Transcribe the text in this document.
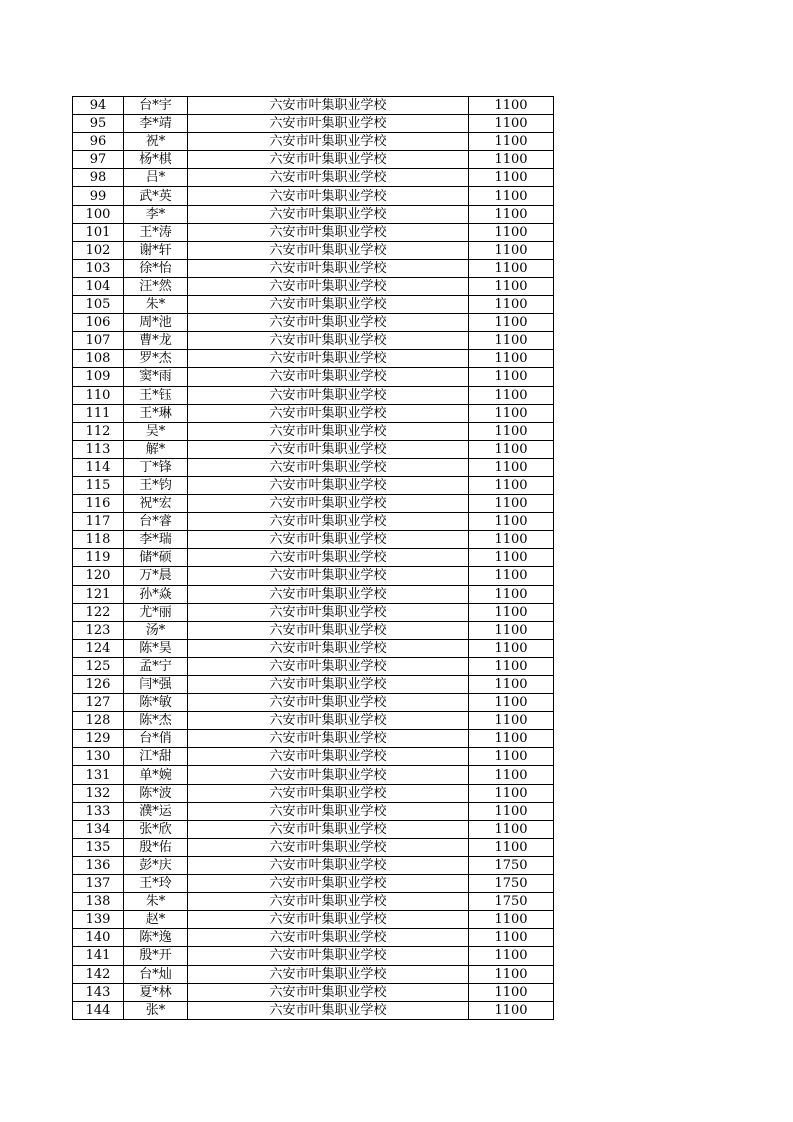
94	台*宇	六安市叶集职业学校	1100
95	李*靖	六安市叶集职业学校	1100
96	祝*	六安市叶集职业学校	1100
97	杨*棋	六安市叶集职业学校	1100
98	吕*	六安市叶集职业学校	1100
99	武*英	六安市叶集职业学校	1100
100	李*	六安市叶集职业学校	1100
101	王*涛	六安市叶集职业学校	1100
102	谢*轩	六安市叶集职业学校	1100
103	徐*怡	六安市叶集职业学校	1100
104	汪*然	六安市叶集职业学校	1100
105	朱*	六安市叶集职业学校	1100
106	周*池	六安市叶集职业学校	1100
107	曹*龙	六安市叶集职业学校	1100
108	罗*杰	六安市叶集职业学校	1100
109	窦*雨	六安市叶集职业学校	1100
110	王*钰	六安市叶集职业学校	1100
111	王*琳	六安市叶集职业学校	1100
112	吴*	六安市叶集职业学校	1100
113	解*	六安市叶集职业学校	1100
114	丁*锋	六安市叶集职业学校	1100
115	王*钧	六安市叶集职业学校	1100
116	祝*宏	六安市叶集职业学校	1100
117	台*睿	六安市叶集职业学校	1100
118	李*瑞	六安市叶集职业学校	1100
119	储*硕	六安市叶集职业学校	1100
120	万*晨	六安市叶集职业学校	1100
121	孙*焱	六安市叶集职业学校	1100
122	尤*丽	六安市叶集职业学校	1100
123	汤*	六安市叶集职业学校	1100
124	陈*昊	六安市叶集职业学校	1100
125	孟*宁	六安市叶集职业学校	1100
126	闫*强	六安市叶集职业学校	1100
127	陈*敏	六安市叶集职业学校	1100
128	陈*杰	六安市叶集职业学校	1100
129	台*俏	六安市叶集职业学校	1100
130	江*甜	六安市叶集职业学校	1100
131	单*婉	六安市叶集职业学校	1100
132	陈*波	六安市叶集职业学校	1100
133	濮*运	六安市叶集职业学校	1100
134	张*欣	六安市叶集职业学校	1100
135	殷*佑	六安市叶集职业学校	1100
136	彭*庆	六安市叶集职业学校	1750
137	王*玲	六安市叶集职业学校	1750
138	朱*	六安市叶集职业学校	1750
139	赵*	六安市叶集职业学校	1100
140	陈*逸	六安市叶集职业学校	1100
141	殷*开	六安市叶集职业学校	1100
142	台*灿	六安市叶集职业学校	1100
143	夏*林	六安市叶集职业学校	1100
144	张*	六安市叶集职业学校	1100
